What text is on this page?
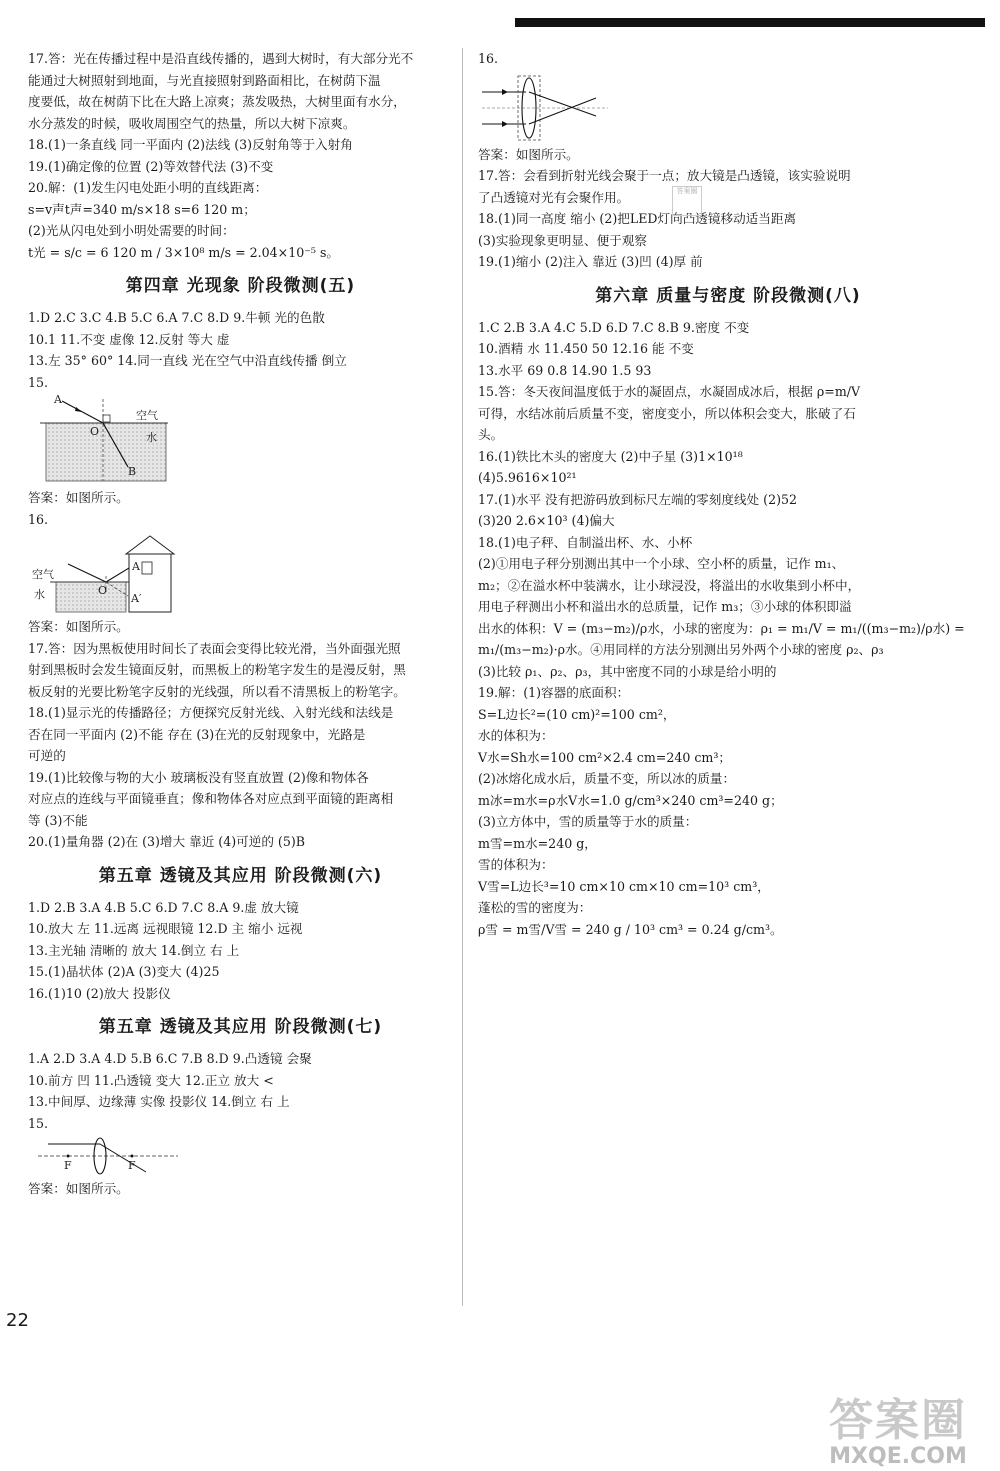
17.答：光在传播过程中是沿直线传播的，遇到大树时，有大部分光不
能通过大树照射到地面，与光直接照射到路面相比，在树荫下温
度要低，故在树荫下比在大路上凉爽；蒸发吸热，大树里面有水分，
水分蒸发的时候，吸收周围空气的热量，所以大树下凉爽。
18.(1)一条直线 同一平面内 (2)法线 (3)反射角等于入射角
19.(1)确定像的位置 (2)等效替代法 (3)不变
20.解：(1)发生闪电处距小明的直线距离：
s=v声t声=340 m/s×18 s=6 120 m；
(2)光从闪电处到小明处需要的时间：
t光 = s/c = 6 120 m / 3×10⁸ m/s = 2.04×10⁻⁵ s。
第四章 光现象 阶段微测(五)
1.D 2.C 3.C 4.B 5.C 6.A 7.C 8.D 9.牛顿 光的色散
10.1 11.不变 虚像 12.反射 等大 虚
13.左 35° 60° 14.同一直线 光在空气中沿直线传播 倒立
15.
A
空气
O	水
B
答案：如图所示。
16.
空气
水
A
O
A′
答案：如图所示。
17.答：因为黑板使用时间长了表面会变得比较光滑，当外面强光照
射到黑板时会发生镜面反射，而黑板上的粉笔字发生的是漫反射，黑
板反射的光要比粉笔字反射的光线强，所以看不清黑板上的粉笔字。
18.(1)显示光的传播路径；方便探究反射光线、入射光线和法线是
否在同一平面内 (2)不能 存在 (3)在光的反射现象中，光路是
可逆的
19.(1)比较像与物的大小 玻璃板没有竖直放置 (2)像和物体各
对应点的连线与平面镜垂直；像和物体各对应点到平面镜的距离相
等 (3)不能
20.(1)量角器 (2)在 (3)增大 靠近 (4)可逆的 (5)B
第五章 透镜及其应用 阶段微测(六)
1.D 2.B 3.A 4.B 5.C 6.D 7.C 8.A 9.虚 放大镜
10.放大 左 11.远离 远视眼镜 12.D 主 缩小 远视
13.主光轴 清晰的 放大 14.倒立 右 上
15.(1)晶状体 (2)A (3)变大 (4)25
16.(1)10 (2)放大 投影仪
第五章 透镜及其应用 阶段微测(七)
1.A 2.D 3.A 4.D 5.B 6.C 7.B 8.D 9.凸透镜 会聚
10.前方 凹 11.凸透镜 变大 12.正立 放大 <
13.中间厚、边缘薄 实像 投影仪 14.倒立 右 上
15.
F	F
答案：如图所示。
16.
答案：如图所示。
17.答：会看到折射光线会聚于一点；放大镜是凸透镜，该实验说明
了凸透镜对光有会聚作用。
18.(1)同一高度 缩小 (2)把LED灯向凸透镜移动适当距离
(3)实验现象更明显、便于观察
19.(1)缩小 (2)注入 靠近 (3)凹 (4)厚 前
第六章 质量与密度 阶段微测(八)
1.C 2.B 3.A 4.C 5.D 6.D 7.C 8.B 9.密度 不变
10.酒精 水 11.450 50 12.16 能 不变
13.水平 69 0.8 14.90 1.5 93
15.答：冬天夜间温度低于水的凝固点，水凝固成冰后，根据 ρ=m/V
可得，水结冰前后质量不变，密度变小，所以体积会变大，胀破了石
头。
16.(1)铁比木头的密度大 (2)中子星 (3)1×10¹⁸
(4)5.9616×10²¹
17.(1)水平 没有把游码放到标尺左端的零刻度线处 (2)52
(3)20 2.6×10³ (4)偏大
18.(1)电子秤、自制溢出杯、水、小杯
(2)①用电子秤分别测出其中一个小球、空小杯的质量，记作 m₁、
m₂；②在溢水杯中装满水，让小球浸没，将溢出的水收集到小杯中，
用电子秤测出小杯和溢出水的总质量，记作 m₃；③小球的体积即溢
出水的体积：V = (m₃−m₂)/ρ水，小球的密度为：ρ₁ = m₁/V = m₁/((m₃−m₂)/ρ水) =
m₁/(m₃−m₂)·ρ水。④用同样的方法分别测出另外两个小球的密度 ρ₂、ρ₃
(3)比较 ρ₁、ρ₂、ρ₃，其中密度不同的小球是给小明的
19.解：(1)容器的底面积：
S=L边长²=(10 cm)²=100 cm²，
水的体积为：
V水=Sh水=100 cm²×2.4 cm=240 cm³；
(2)冰熔化成水后，质量不变，所以冰的质量：
m冰=m水=ρ水V水=1.0 g/cm³×240 cm³=240 g；
(3)立方体中，雪的质量等于水的质量：
m雪=m水=240 g，
雪的体积为：
V雪=L边长³=10 cm×10 cm×10 cm=10³ cm³，
蓬松的雪的密度为：
ρ雪 = m雪/V雪 = 240 g / 10³ cm³ = 0.24 g/cm³。
答案圈
22
答案圈
MXQE.COM
